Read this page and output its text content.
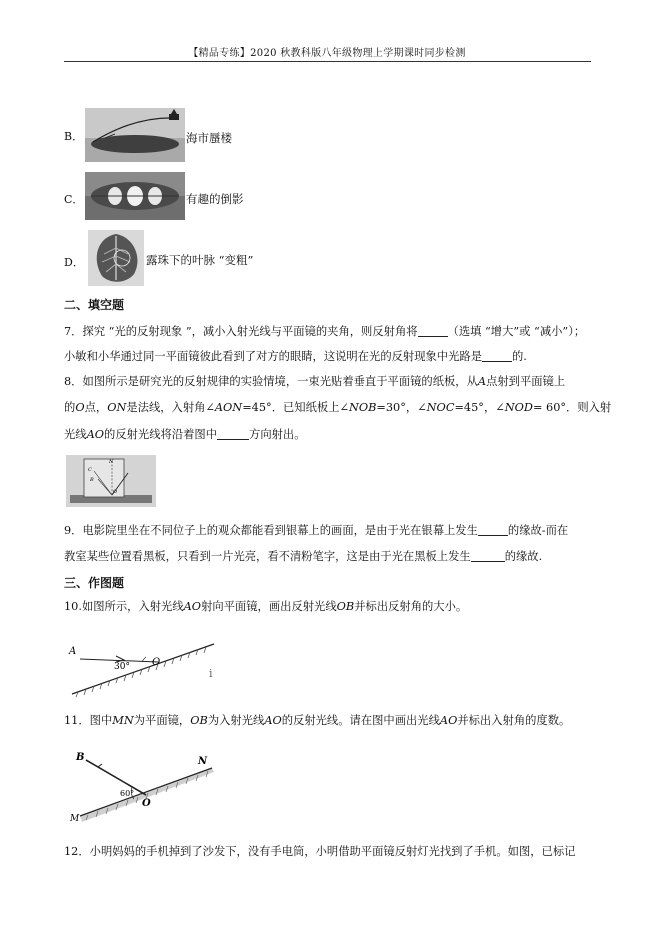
【精品专练】2020 秋教科版八年级物理上学期课时同步检测
B．	海市蜃楼
C．	有趣的倒影
D．	露珠下的叶脉 “变粗”
二、填空题
7．探究 “光的反射现象 ”，减小入射光线与平面镜的夹角，则反射角将	（选填 “增大”或 “减小”）；
小敏和小华通过同一平面镜彼此看到了对方的眼睛，这说明在光的反射现象中光路是	的.
8．如图所示是研究光的反射规律的实验情境，一束光贴着垂直于平面镜的纸板，从A点射到平面镜上
的O点，ON是法线，入射角∠AON=45°．已知纸板上∠NOB=30°，∠NOC=45°，∠NOD= 60°．则入射
光线AO的反射光线将沿着图中	方向射出。
N
C
B
O
9．电影院里坐在不同位子上的观众都能看到银幕上的画面，是由于光在银幕上发生	的缘故-而在
教室某些位置看黑板，只看到一片光亮，看不清粉笔字，这是由于光在黑板上发生	的缘故.
三、作图题
10.如图所示，入射光线AO射向平面镜，画出反射光线OB并标出反射角的大小。
A
30° O
i
11．图中MN为平面镜，OB为入射光线AO的反射光线。请在图中画出光线AO并标出入射角的度数。
B	N
60°
O
M
12．小明妈妈的手机掉到了沙发下，没有手电筒，小明借助平面镜反射灯光找到了手机。如图，已标记
